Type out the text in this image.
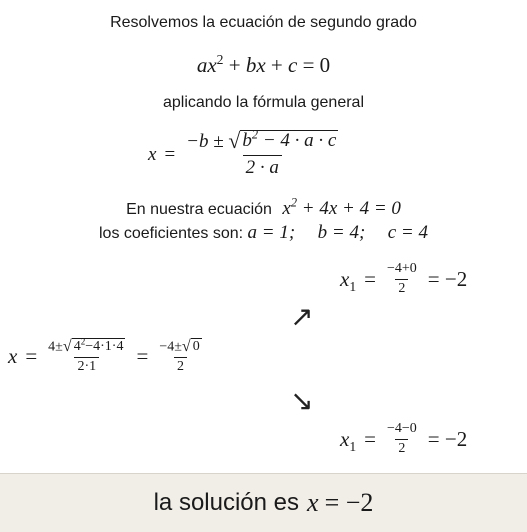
Resolvemos la ecuación de segundo grado
$ax^2$ + bx + c = 0
aplicando la fórmula general
$x = \frac{-b \pm √ b^2 - 4 \cdot a \cdot c}{2 \cdot a}$
En nuestra ecuación $x^2 + 4x + 4 = 0$
los coeficientes son: a = 1; b = 4; c = 4
$x_1 = \frac{-4+0}{2} = -2$
↗
↘
$x = \frac{4\pm √ 4^2-4\cdot 1\cdot 4}{2\cdot 1} = \frac{-4\pm √ 0}{2}$
$x_1 = \frac{-4-0}{2} = -2$
la solución es x = −2
